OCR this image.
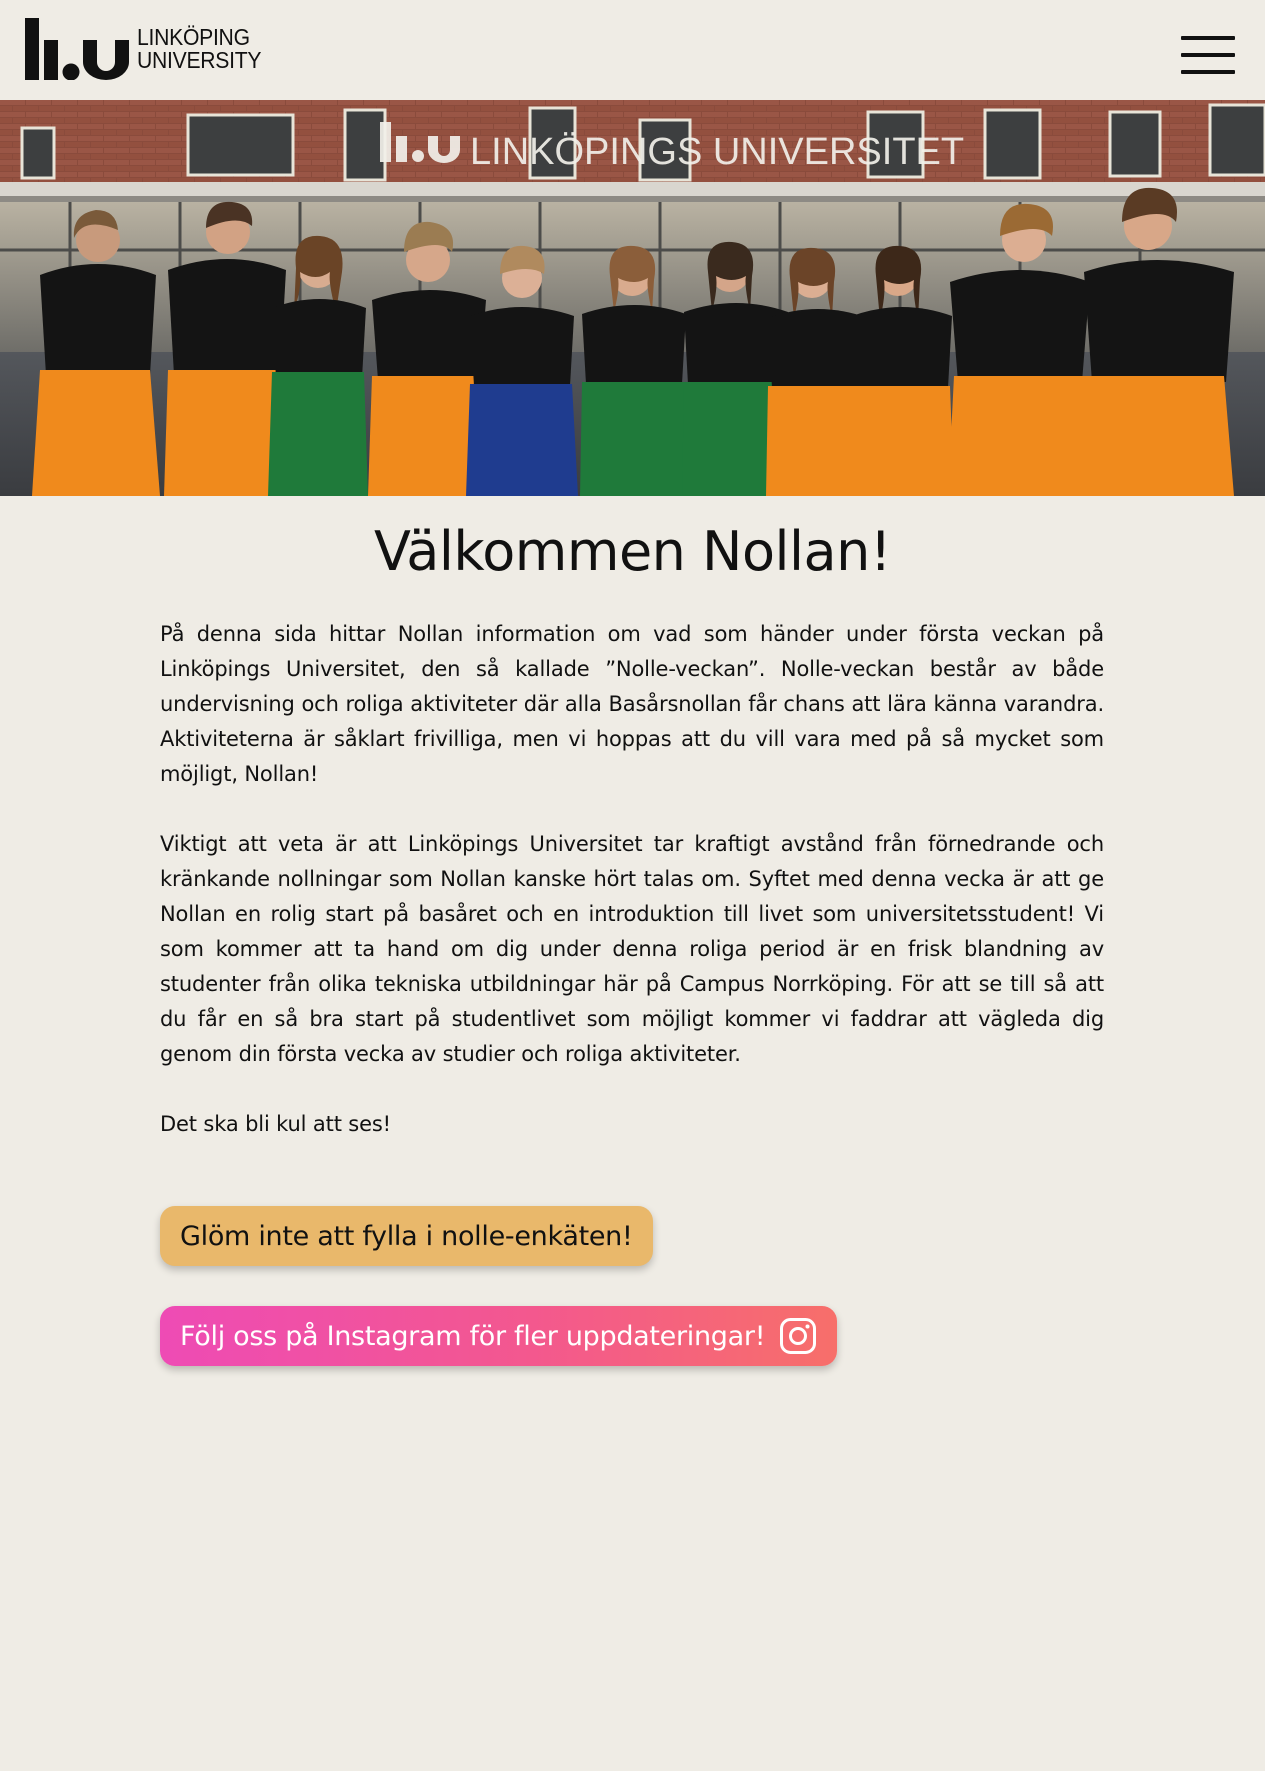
LINKÖPING
UNIVERSITY
LINKÖPINGS UNIVERSITET
Välkommen Nollan!

På denna sida hittar Nollan information om vad som händer under första veckan på Linköpings Universitet, den så kallade ”Nolle-veckan”. Nolle-veckan består av både undervisning och roliga aktiviteter där alla Basårsnollan får chans att lära känna varandra. Aktiviteterna är såklart frivilliga, men vi hoppas att du vill vara med på så mycket som möjligt, Nollan!

Viktigt att veta är att Linköpings Universitet tar kraftigt avstånd från förnedrande och kränkande nollningar som Nollan kanske hört talas om. Syftet med denna vecka är att ge Nollan en rolig start på basåret och en introduktion till livet som universitetsstudent! Vi som kommer att ta hand om dig under denna roliga period är en frisk blandning av studenter från olika tekniska utbildningar här på Campus Norrköping. För att se till så att du får en så bra start på studentlivet som möjligt kommer vi faddrar att vägleda dig genom din första vecka av studier och roliga aktiviteter.

Det ska bli kul att ses!

Glöm inte att fylla i nolle-enkäten!
Följ oss på Instagram för fler uppdateringar!
